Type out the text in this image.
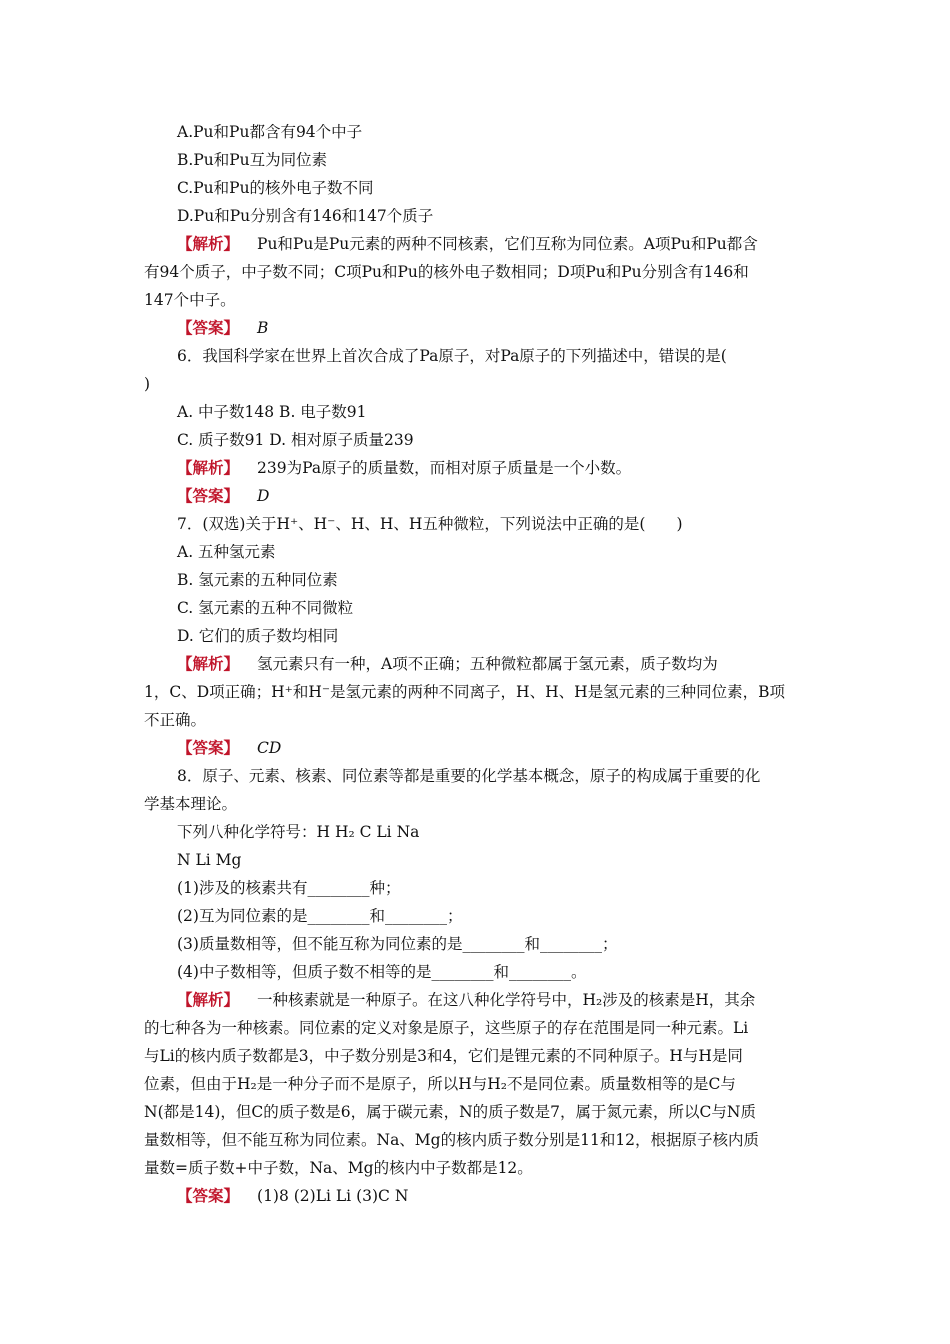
A.Pu和Pu都含有94个中子
B.Pu和Pu互为同位素
C.Pu和Pu的核外电子数不同
D.Pu和Pu分别含有146和147个质子
【解析】 Pu和Pu是Pu元素的两种不同核素，它们互称为同位素。A项Pu和Pu都含
有94个质子，中子数不同；C项Pu和Pu的核外电子数相同；D项Pu和Pu分别含有146和
147个中子。
【答案】 B
6．我国科学家在世界上首次合成了Pa原子，对Pa原子的下列描述中，错误的是(
)
A. 中子数148 B. 电子数91
C. 质子数91 D. 相对原子质量239
【解析】 239为Pa原子的质量数，而相对原子质量是一个小数。
【答案】 D
7．(双选)关于H⁺、H⁻、H、H、H五种微粒，下列说法中正确的是(　　)
A. 五种氢元素
B. 氢元素的五种同位素
C. 氢元素的五种不同微粒
D. 它们的质子数均相同
【解析】 氢元素只有一种，A项不正确；五种微粒都属于氢元素，质子数均为
1，C、D项正确；H⁺和H⁻是氢元素的两种不同离子，H、H、H是氢元素的三种同位素，B项
不正确。
【答案】 CD
8．原子、元素、核素、同位素等都是重要的化学基本概念，原子的构成属于重要的化
学基本理论。
下列八种化学符号：H H₂ C Li Na
N Li Mg
(1)涉及的核素共有________种；
(2)互为同位素的是________和________；
(3)质量数相等，但不能互称为同位素的是________和________；
(4)中子数相等，但质子数不相等的是________和________。
【解析】 一种核素就是一种原子。在这八种化学符号中，H₂涉及的核素是H，其余
的七种各为一种核素。同位素的定义对象是原子，这些原子的存在范围是同一种元素。Li
与Li的核内质子数都是3，中子数分别是3和4，它们是锂元素的不同种原子。H与H是同
位素，但由于H₂是一种分子而不是原子，所以H与H₂不是同位素。质量数相等的是C与
N(都是14)，但C的质子数是6，属于碳元素，N的质子数是7，属于氮元素，所以C与N质
量数相等，但不能互称为同位素。Na、Mg的核内质子数分别是11和12，根据原子核内质
量数=质子数+中子数，Na、Mg的核内中子数都是12。
【答案】 (1)8 (2)Li Li (3)C N
